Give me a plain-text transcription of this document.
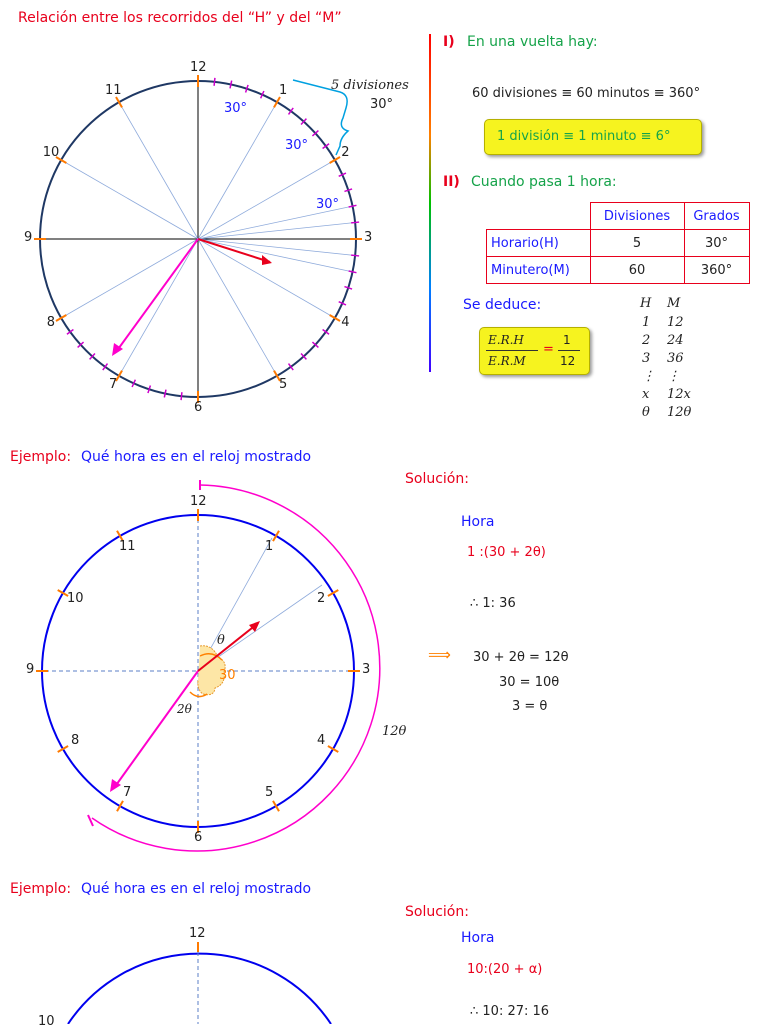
Relación entre los recorridos del “H” y del “M”
12
1
2
3
4
5
6
7
8
9
10
11	5 divisiones
30°
30°
30°
30°
I) En una vuelta hay:
60 divisiones ≡ 60 minutos ≡ 360°
1 división ≡ 1 minuto ≡ 6°
II) Cuando pasa 1 hora:
	Divisiones	Grados
Horario(H)	5	30°
Minutero(M)	60	360°
Se deduce:
E.R.H
E.R.M
=
1
12
H M
1 12
2 24
3 36
⋮ ⋮
x 12x
θ 12θ
Ejemplo: Qué hora es en el reloj mostrado
12
1
2
3
4
5
6
7
8
9
10
11
θ
30
2θ
12θ
Solución:
Hora
1 :(30 + 2θ)
∴ 1: 36
⟹ 30 + 2θ = 12θ
30 = 10θ
3 = θ
Ejemplo: Qué hora es en el reloj mostrado
12
10
Solución:
Hora
10:(20 + α)
∴ 10: 27: 16
